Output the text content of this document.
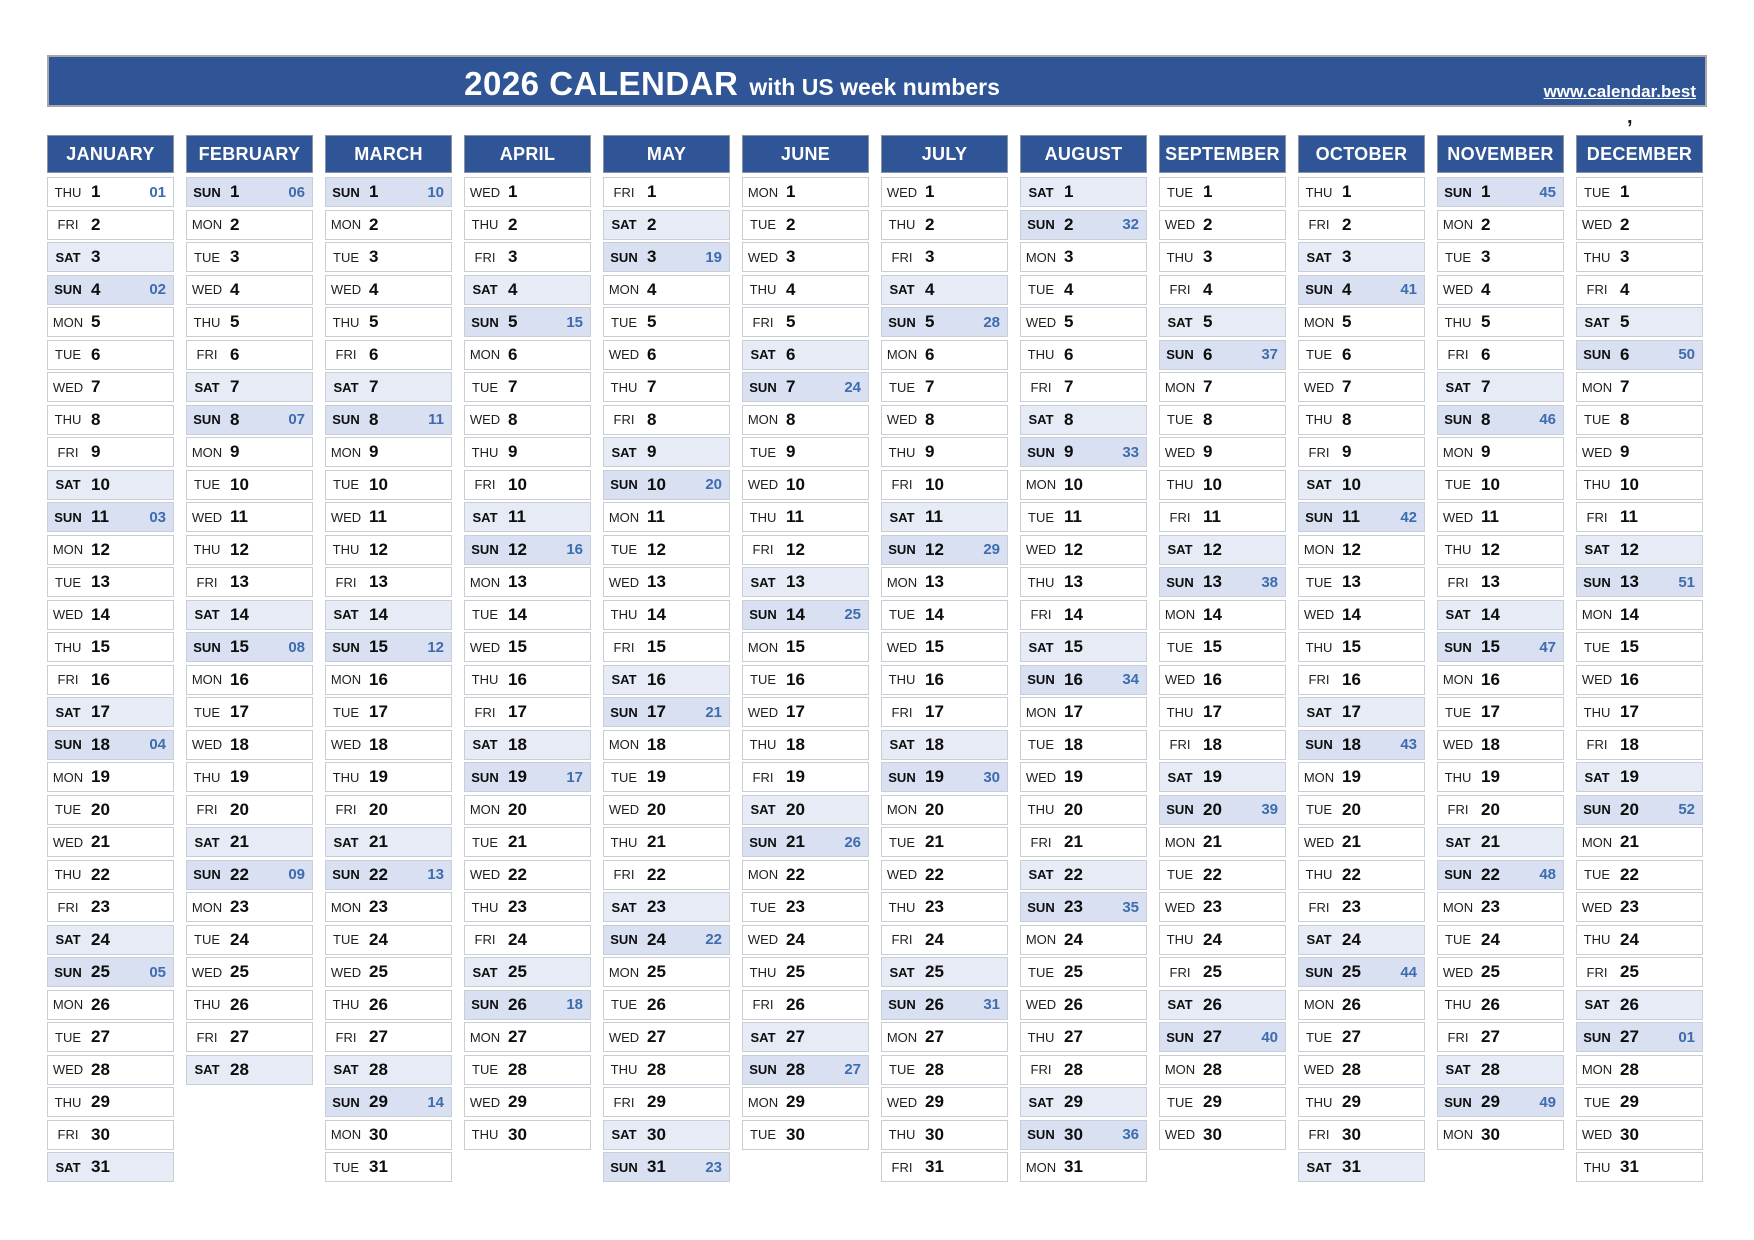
2026 CALENDAR with US week numbers	www.calendar.best
,
JANUARY
THU 1	01
FRI 2
SAT 3
SUN 4	02
MON 5
TUE 6
WED 7
THU 8
FRI 9
SAT 10
SUN 11	03
MON 12
TUE 13
WED 14
THU 15
FRI 16
SAT 17
SUN 18	04
MON 19
TUE 20
WED 21
THU 22
FRI 23
SAT 24
SUN 25	05
MON 26
TUE 27
WED 28
THU 29
FRI 30
SAT 31
FEBRUARY
SUN 1	06
MON 2
TUE 3
WED 4
THU 5
FRI 6
SAT 7
SUN 8	07
MON 9
TUE 10
WED 11
THU 12
FRI 13
SAT 14
SUN 15	08
MON 16
TUE 17
WED 18
THU 19
FRI 20
SAT 21
SUN 22	09
MON 23
TUE 24
WED 25
THU 26
FRI 27
SAT 28
MARCH
SUN 1	10
MON 2
TUE 3
WED 4
THU 5
FRI 6
SAT 7
SUN 8	11
MON 9
TUE 10
WED 11
THU 12
FRI 13
SAT 14
SUN 15	12
MON 16
TUE 17
WED 18
THU 19
FRI 20
SAT 21
SUN 22	13
MON 23
TUE 24
WED 25
THU 26
FRI 27
SAT 28
SUN 29	14
MON 30
TUE 31
APRIL
WED 1
THU 2
FRI 3
SAT 4
SUN 5	15
MON 6
TUE 7
WED 8
THU 9
FRI 10
SAT 11
SUN 12	16
MON 13
TUE 14
WED 15
THU 16
FRI 17
SAT 18
SUN 19	17
MON 20
TUE 21
WED 22
THU 23
FRI 24
SAT 25
SUN 26	18
MON 27
TUE 28
WED 29
THU 30
MAY
FRI 1
SAT 2
SUN 3	19
MON 4
TUE 5
WED 6
THU 7
FRI 8
SAT 9
SUN 10	20
MON 11
TUE 12
WED 13
THU 14
FRI 15
SAT 16
SUN 17	21
MON 18
TUE 19
WED 20
THU 21
FRI 22
SAT 23
SUN 24	22
MON 25
TUE 26
WED 27
THU 28
FRI 29
SAT 30
SUN 31	23
JUNE
MON 1
TUE 2
WED 3
THU 4
FRI 5
SAT 6
SUN 7	24
MON 8
TUE 9
WED 10
THU 11
FRI 12
SAT 13
SUN 14	25
MON 15
TUE 16
WED 17
THU 18
FRI 19
SAT 20
SUN 21	26
MON 22
TUE 23
WED 24
THU 25
FRI 26
SAT 27
SUN 28	27
MON 29
TUE 30
JULY
WED 1
THU 2
FRI 3
SAT 4
SUN 5	28
MON 6
TUE 7
WED 8
THU 9
FRI 10
SAT 11
SUN 12	29
MON 13
TUE 14
WED 15
THU 16
FRI 17
SAT 18
SUN 19	30
MON 20
TUE 21
WED 22
THU 23
FRI 24
SAT 25
SUN 26	31
MON 27
TUE 28
WED 29
THU 30
FRI 31
AUGUST
SAT 1
SUN 2	32
MON 3
TUE 4
WED 5
THU 6
FRI 7
SAT 8
SUN 9	33
MON 10
TUE 11
WED 12
THU 13
FRI 14
SAT 15
SUN 16	34
MON 17
TUE 18
WED 19
THU 20
FRI 21
SAT 22
SUN 23	35
MON 24
TUE 25
WED 26
THU 27
FRI 28
SAT 29
SUN 30	36
MON 31
SEPTEMBER
TUE 1
WED 2
THU 3
FRI 4
SAT 5
SUN 6	37
MON 7
TUE 8
WED 9
THU 10
FRI 11
SAT 12
SUN 13	38
MON 14
TUE 15
WED 16
THU 17
FRI 18
SAT 19
SUN 20	39
MON 21
TUE 22
WED 23
THU 24
FRI 25
SAT 26
SUN 27	40
MON 28
TUE 29
WED 30
OCTOBER
THU 1
FRI 2
SAT 3
SUN 4	41
MON 5
TUE 6
WED 7
THU 8
FRI 9
SAT 10
SUN 11	42
MON 12
TUE 13
WED 14
THU 15
FRI 16
SAT 17
SUN 18	43
MON 19
TUE 20
WED 21
THU 22
FRI 23
SAT 24
SUN 25	44
MON 26
TUE 27
WED 28
THU 29
FRI 30
SAT 31
NOVEMBER
SUN 1	45
MON 2
TUE 3
WED 4
THU 5
FRI 6
SAT 7
SUN 8	46
MON 9
TUE 10
WED 11
THU 12
FRI 13
SAT 14
SUN 15	47
MON 16
TUE 17
WED 18
THU 19
FRI 20
SAT 21
SUN 22	48
MON 23
TUE 24
WED 25
THU 26
FRI 27
SAT 28
SUN 29	49
MON 30
DECEMBER
TUE 1
WED 2
THU 3
FRI 4
SAT 5
SUN 6	50
MON 7
TUE 8
WED 9
THU 10
FRI 11
SAT 12
SUN 13	51
MON 14
TUE 15
WED 16
THU 17
FRI 18
SAT 19
SUN 20	52
MON 21
TUE 22
WED 23
THU 24
FRI 25
SAT 26
SUN 27	01
MON 28
TUE 29
WED 30
THU 31
